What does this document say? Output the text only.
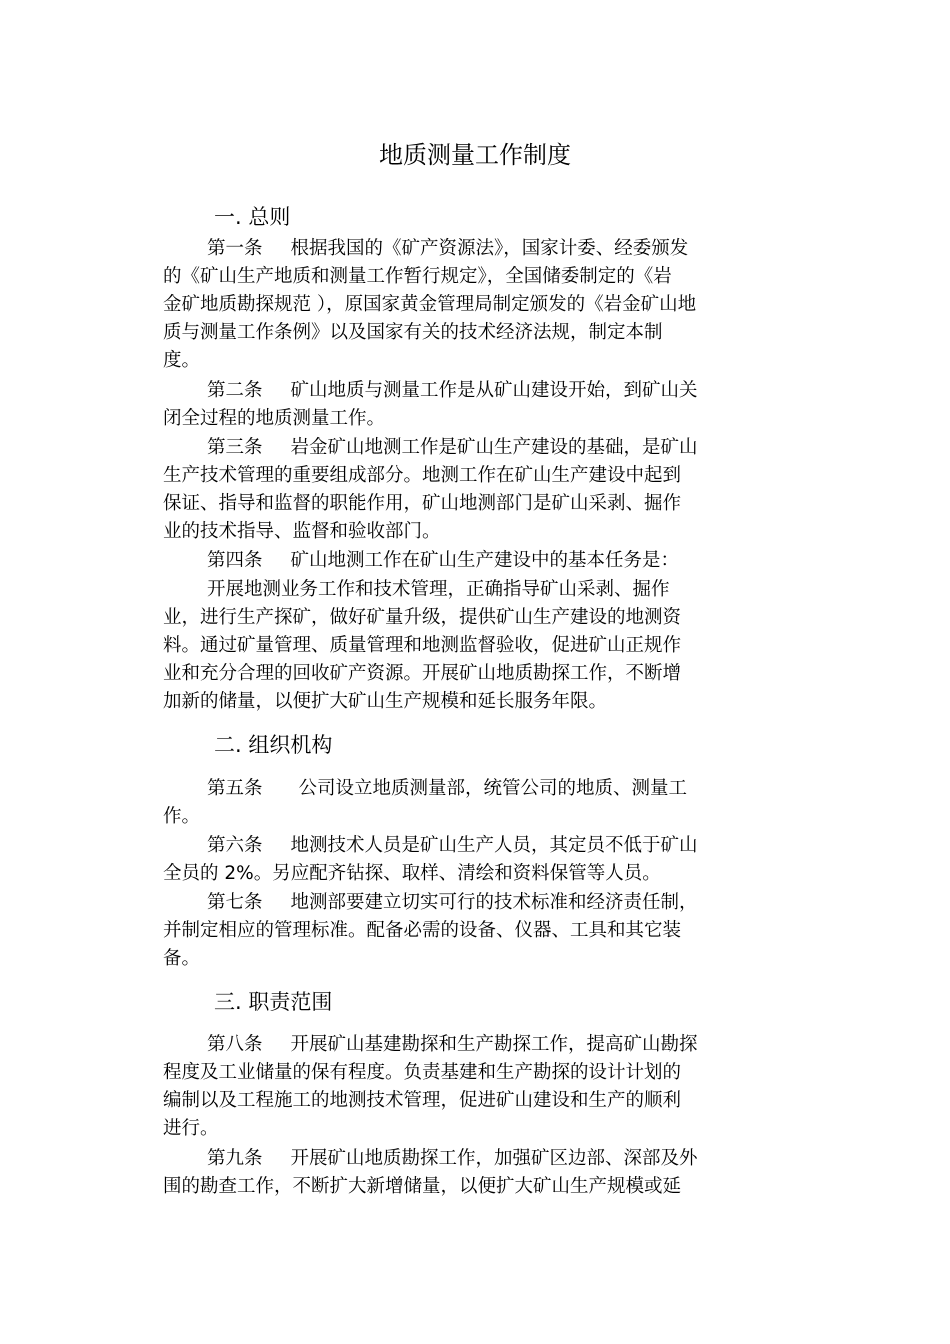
地质测量工作制度
一. 总则
第一条 根据我国的《矿产资源法》，国家计委、经委颁发
的《矿山生产地质和测量工作暂行规定》，全国储委制定的《岩
金矿地质勘探规范 ），原国家黄金管理局制定颁发的《岩金矿山地
质与测量工作条例》以及国家有关的技术经济法规，制定本制
度。
第二条 矿山地质与测量工作是从矿山建设开始，到矿山关
闭全过程的地质测量工作。
第三条 岩金矿山地测工作是矿山生产建设的基础，是矿山
生产技术管理的重要组成部分。地测工作在矿山生产建设中起到
保证、指导和监督的职能作用，矿山地测部门是矿山采剥、掘作
业的技术指导、监督和验收部门。
第四条 矿山地测工作在矿山生产建设中的基本任务是：
开展地测业务工作和技术管理，正确指导矿山采剥、掘作
业，进行生产探矿，做好矿量升级，提供矿山生产建设的地测资
料。通过矿量管理、质量管理和地测监督验收，促进矿山正规作
业和充分合理的回收矿产资源。开展矿山地质勘探工作，不断增
加新的储量，以便扩大矿山生产规模和延长服务年限。
二. 组织机构
第五条 公司设立地质测量部，统管公司的地质、测量工
作。
第六条 地测技术人员是矿山生产人员，其定员不低于矿山
全员的 2%。另应配齐钻探、取样、清绘和资料保管等人员。
第七条 地测部要建立切实可行的技术标准和经济责任制，
并制定相应的管理标准。配备必需的设备、仪器、工具和其它装
备。
三. 职责范围
第八条 开展矿山基建勘探和生产勘探工作，提高矿山勘探
程度及工业储量的保有程度。负责基建和生产勘探的设计计划的
编制以及工程施工的地测技术管理，促进矿山建设和生产的顺利
进行。
第九条 开展矿山地质勘探工作，加强矿区边部、深部及外
围的勘查工作，不断扩大新增储量，以便扩大矿山生产规模或延
